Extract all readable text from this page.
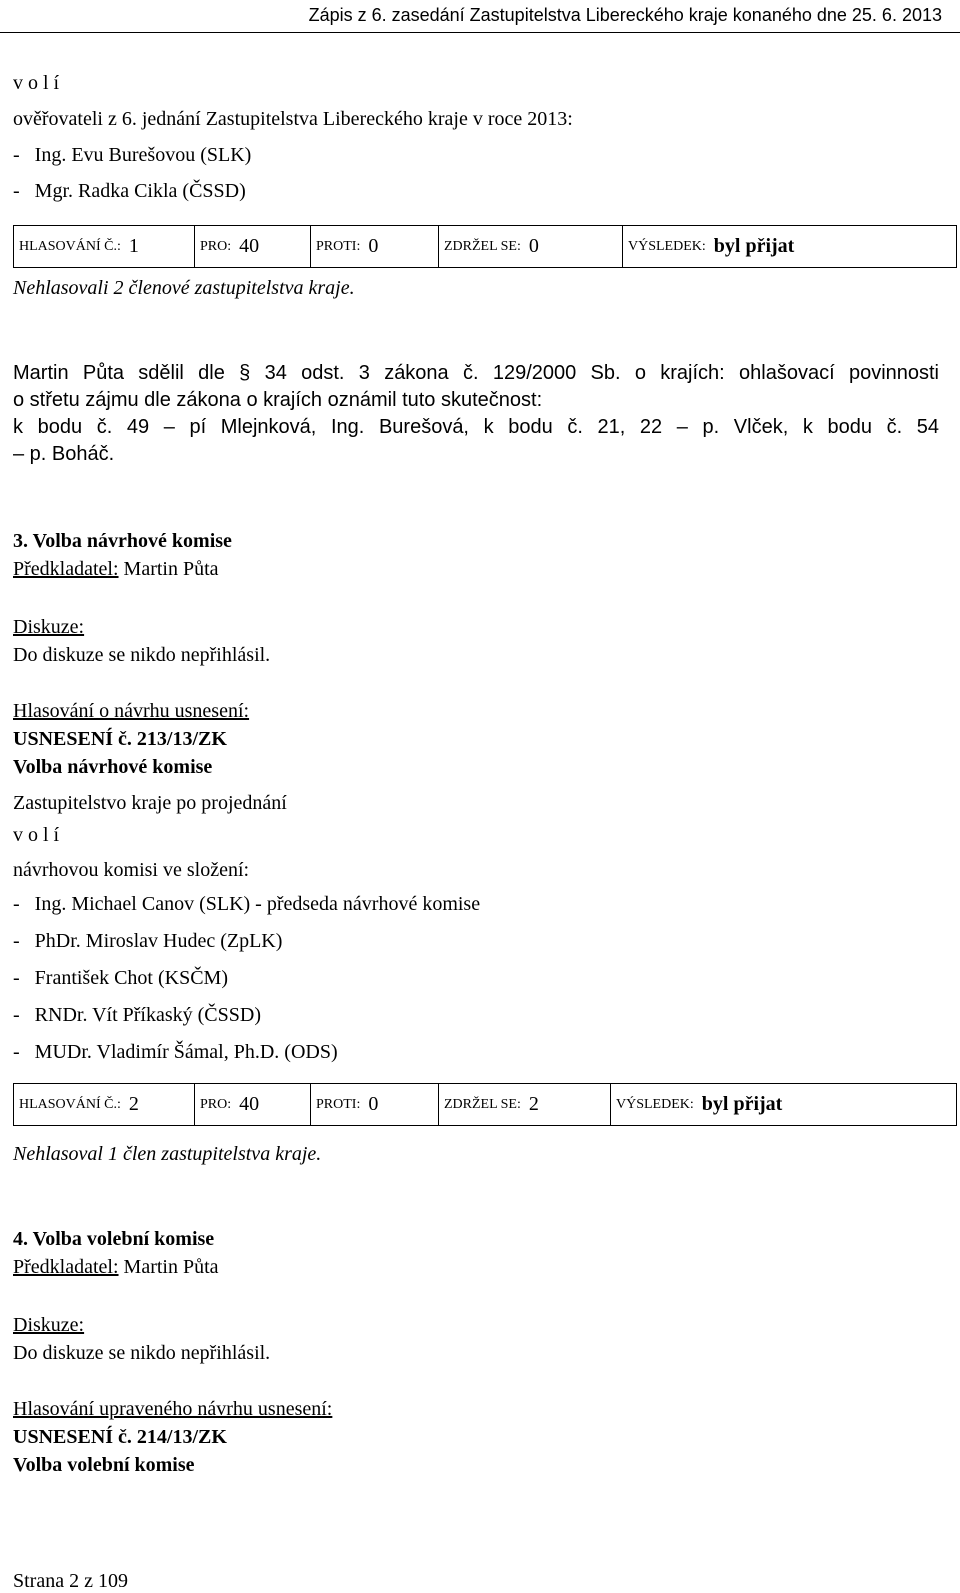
Zápis z 6. zasedání Zastupitelstva Libereckého kraje konaného dne 25. 6. 2013
v o l í
ověřovateli z 6. jednání Zastupitelstva Libereckého kraje v roce 2013:
-   Ing. Evu Burešovou (SLK)
-   Mgr. Radka Cikla (ČSSD)
HLASOVÁNÍ Č.: 1	PRO: 40	PROTI: 0	ZDRŽEL SE: 0	VÝSLEDEK: byl přijat
Nehlasovali 2 členové zastupitelstva kraje.
Martin Půta sdělil dle § 34 odst. 3 zákona č. 129/2000 Sb. o krajích: ohlašovací povinnosti
o střetu zájmu dle zákona o krajích oznámil tuto skutečnost:
k bodu č. 49 – pí Mlejnková, Ing. Burešová, k bodu č. 21, 22 – p. Vlček, k bodu č. 54
– p. Boháč.
3. Volba návrhové komise
Předkladatel: Martin Půta
Diskuze:
Do diskuze se nikdo nepřihlásil.
Hlasování o návrhu usnesení:
USNESENÍ č. 213/13/ZK
Volba návrhové komise
Zastupitelstvo kraje po projednání
v o l í
návrhovou komisi ve složení:
-   Ing. Michael Canov (SLK) - předseda návrhové komise
-   PhDr. Miroslav Hudec (ZpLK)
-   František Chot (KSČM)
-   RNDr. Vít Příkaský (ČSSD)
-   MUDr. Vladimír Šámal, Ph.D. (ODS)
HLASOVÁNÍ Č.: 2	PRO: 40	PROTI: 0	ZDRŽEL SE: 2	VÝSLEDEK: byl přijat
Nehlasoval 1 člen zastupitelstva kraje.
4. Volba volební komise
Předkladatel: Martin Půta
Diskuze:
Do diskuze se nikdo nepřihlásil.
Hlasování upraveného návrhu usnesení:
USNESENÍ č. 214/13/ZK
Volba volební komise
Strana 2 z 109
